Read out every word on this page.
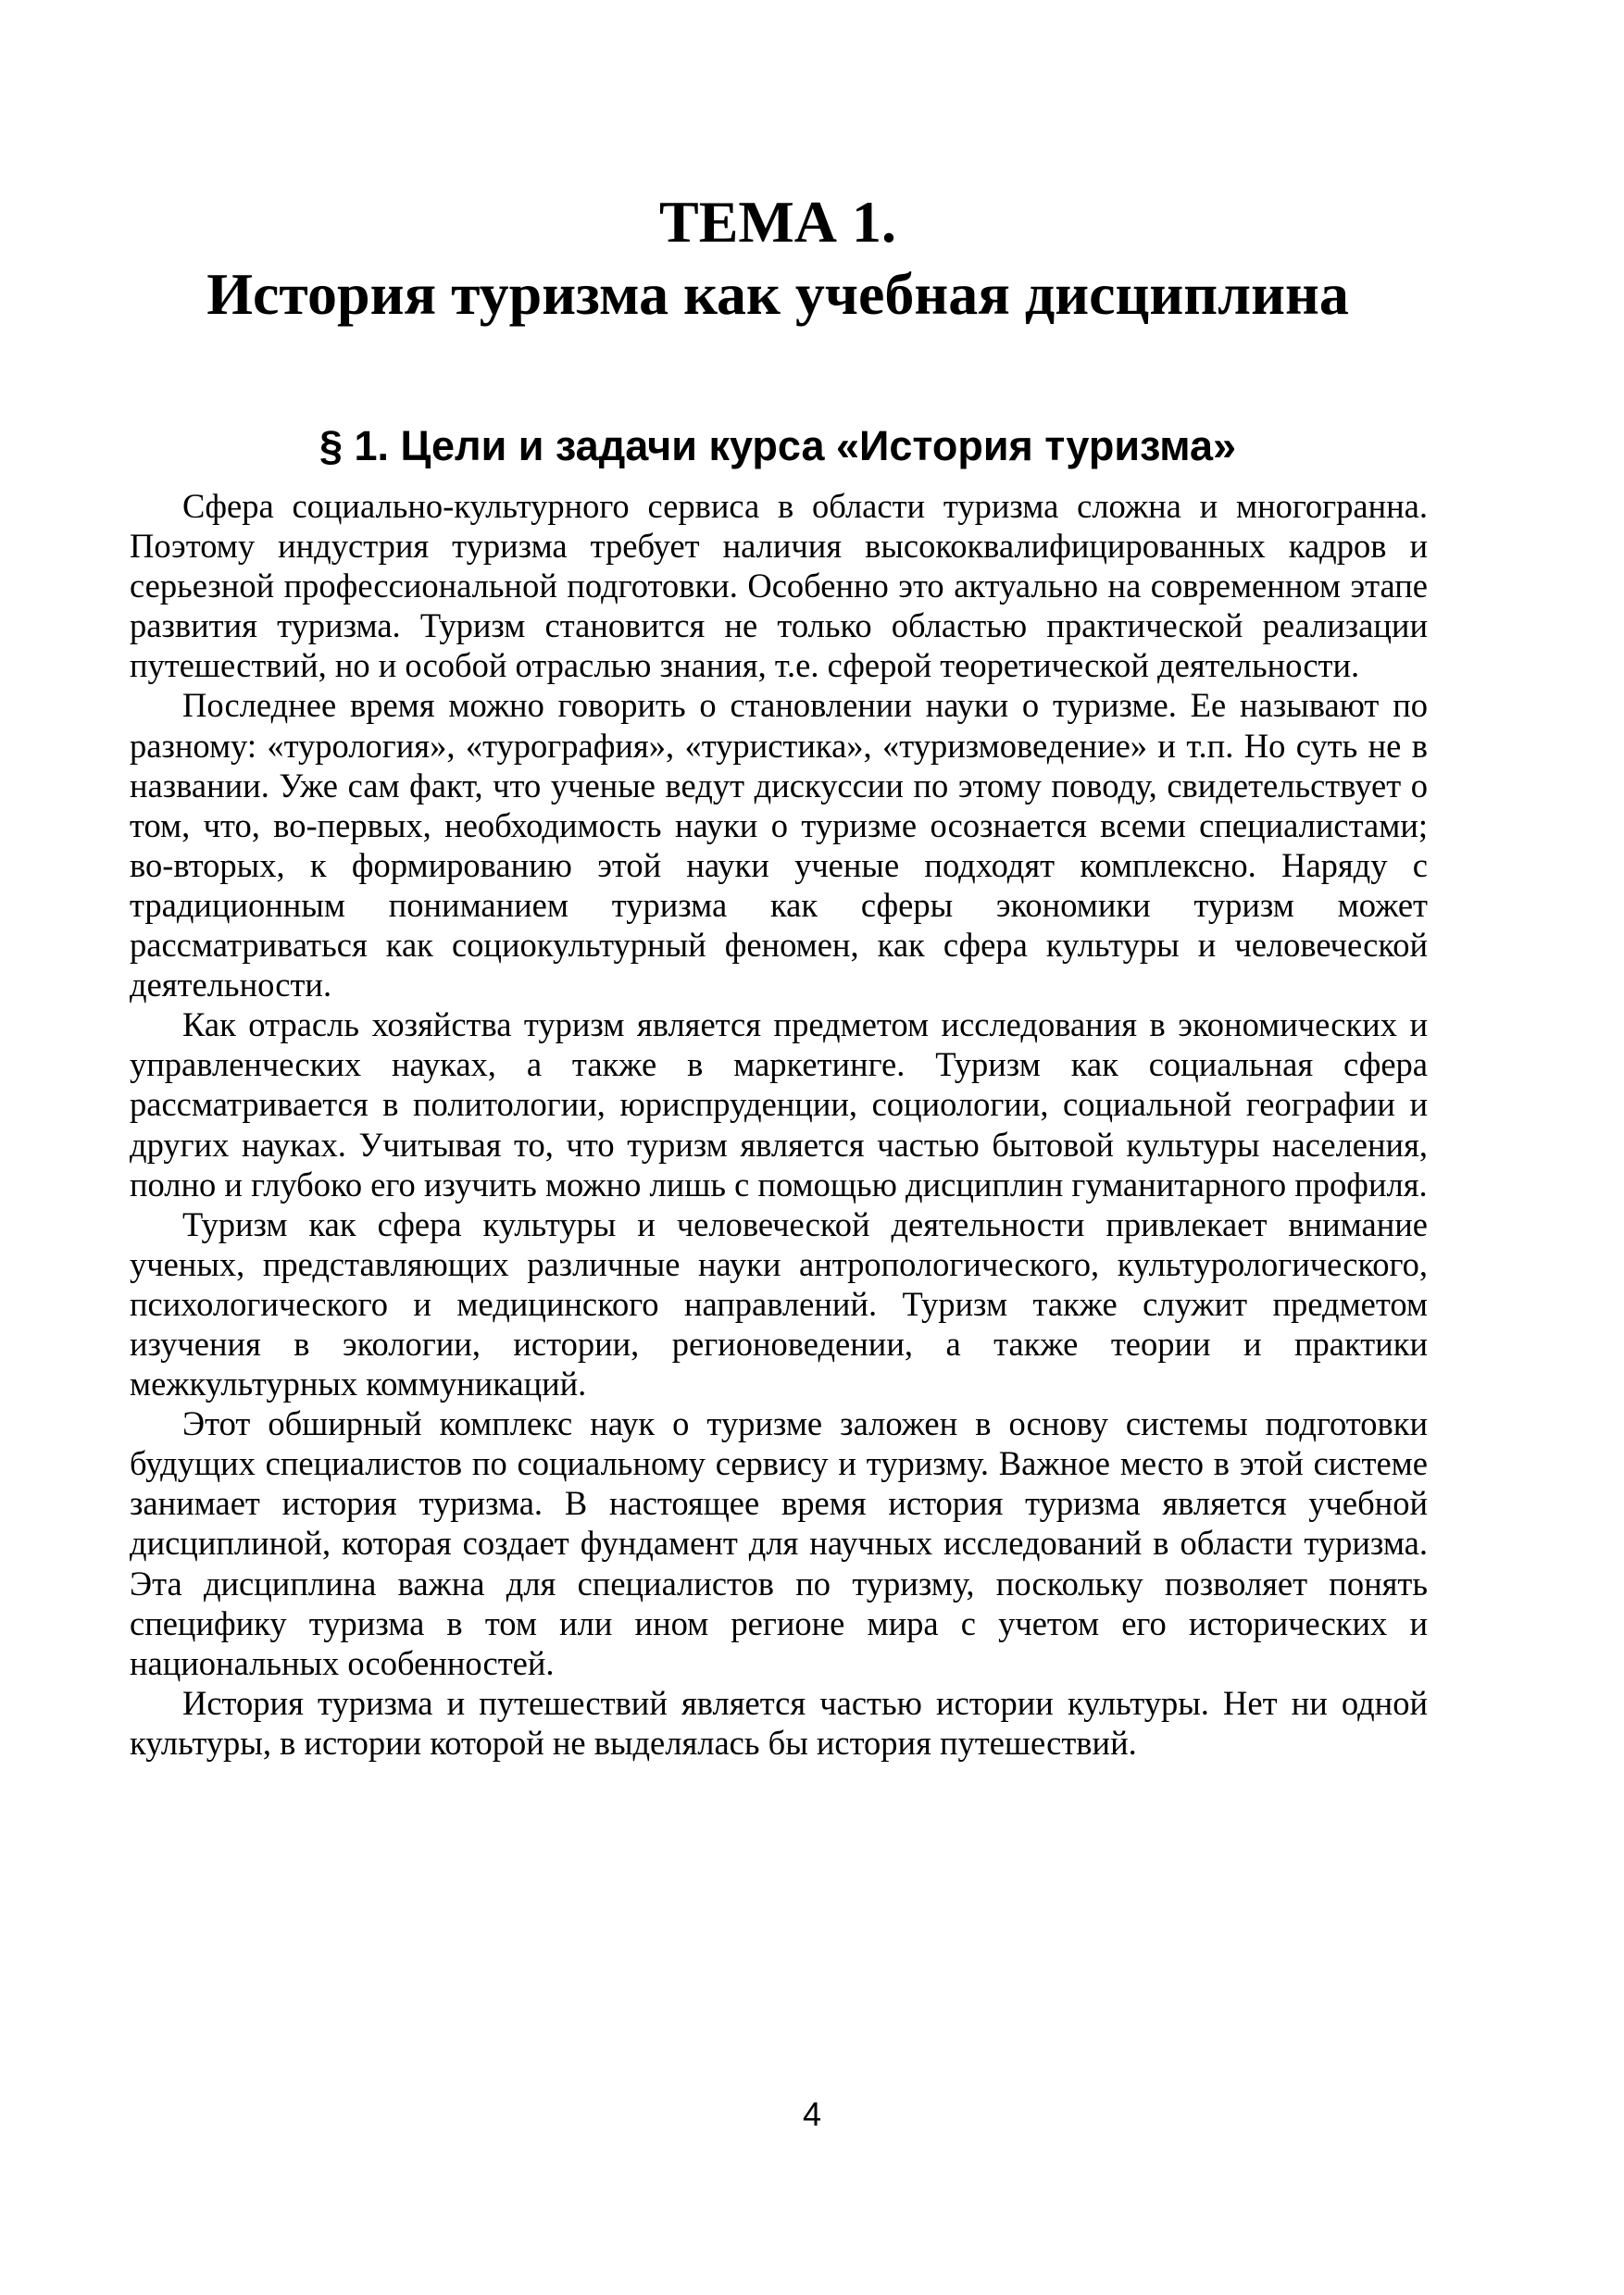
ТЕМА 1.
История туризма как учебная дисциплина
§ 1. Цели и задачи курса «История туризма»

Сфера социально-культурного сервиса в области туризма сложна и многогранна. Поэтому индустрия туризма требует наличия высококвалифицированных кадров и серьезной профессиональной подготовки. Особенно это актуально на современном этапе развития туризма. Туризм становится не только областью практической реализации путешествий, но и особой отраслью знания, т.е. сферой теоретической деятельности.

Последнее время можно говорить о становлении науки о туризме. Ее называют по разному: «турология», «турография», «туристика», «туризмоведение» и т.п. Но суть не в названии. Уже сам факт, что ученые ведут дискуссии по этому поводу, свидетельствует о том, что, во-первых, необходимость науки о туризме осознается всеми специалистами; во-вторых, к формированию этой науки ученые подходят комплексно. Наряду с традиционным пониманием туризма как сферы экономики туризм может рассматриваться как социокультурный феномен, как сфера культуры и человеческой деятельности.

Как отрасль хозяйства туризм является предметом исследования в экономических и управленческих науках, а также в маркетинге. Туризм как социальная сфера рассматривается в политологии, юриспруденции, социологии, социальной географии и других науках. Учитывая то, что туризм является частью бытовой культуры населения, полно и глубоко его изучить можно лишь с помощью дисциплин гуманитарного профиля.

Туризм как сфера культуры и человеческой деятельности привлекает внимание ученых, представляющих различные науки антропологического, культурологического, психологического и медицинского направлений. Туризм также служит предметом изучения в экологии, истории, регионоведении, а также теории и практики межкультурных коммуникаций.

Этот обширный комплекс наук о туризме заложен в основу системы подготовки будущих специалистов по социальному сервису и туризму. Важное место в этой системе занимает история туризма. В настоящее время история туризма является учебной дисциплиной, которая создает фундамент для научных исследований в области туризма. Эта дисциплина важна для специалистов по туризму, поскольку позволяет понять специфику туризма в том или ином регионе мира с учетом его исторических и национальных особенностей.

История туризма и путешествий является частью истории культуры. Нет ни одной культуры, в истории которой не выделялась бы история путешествий.

4
